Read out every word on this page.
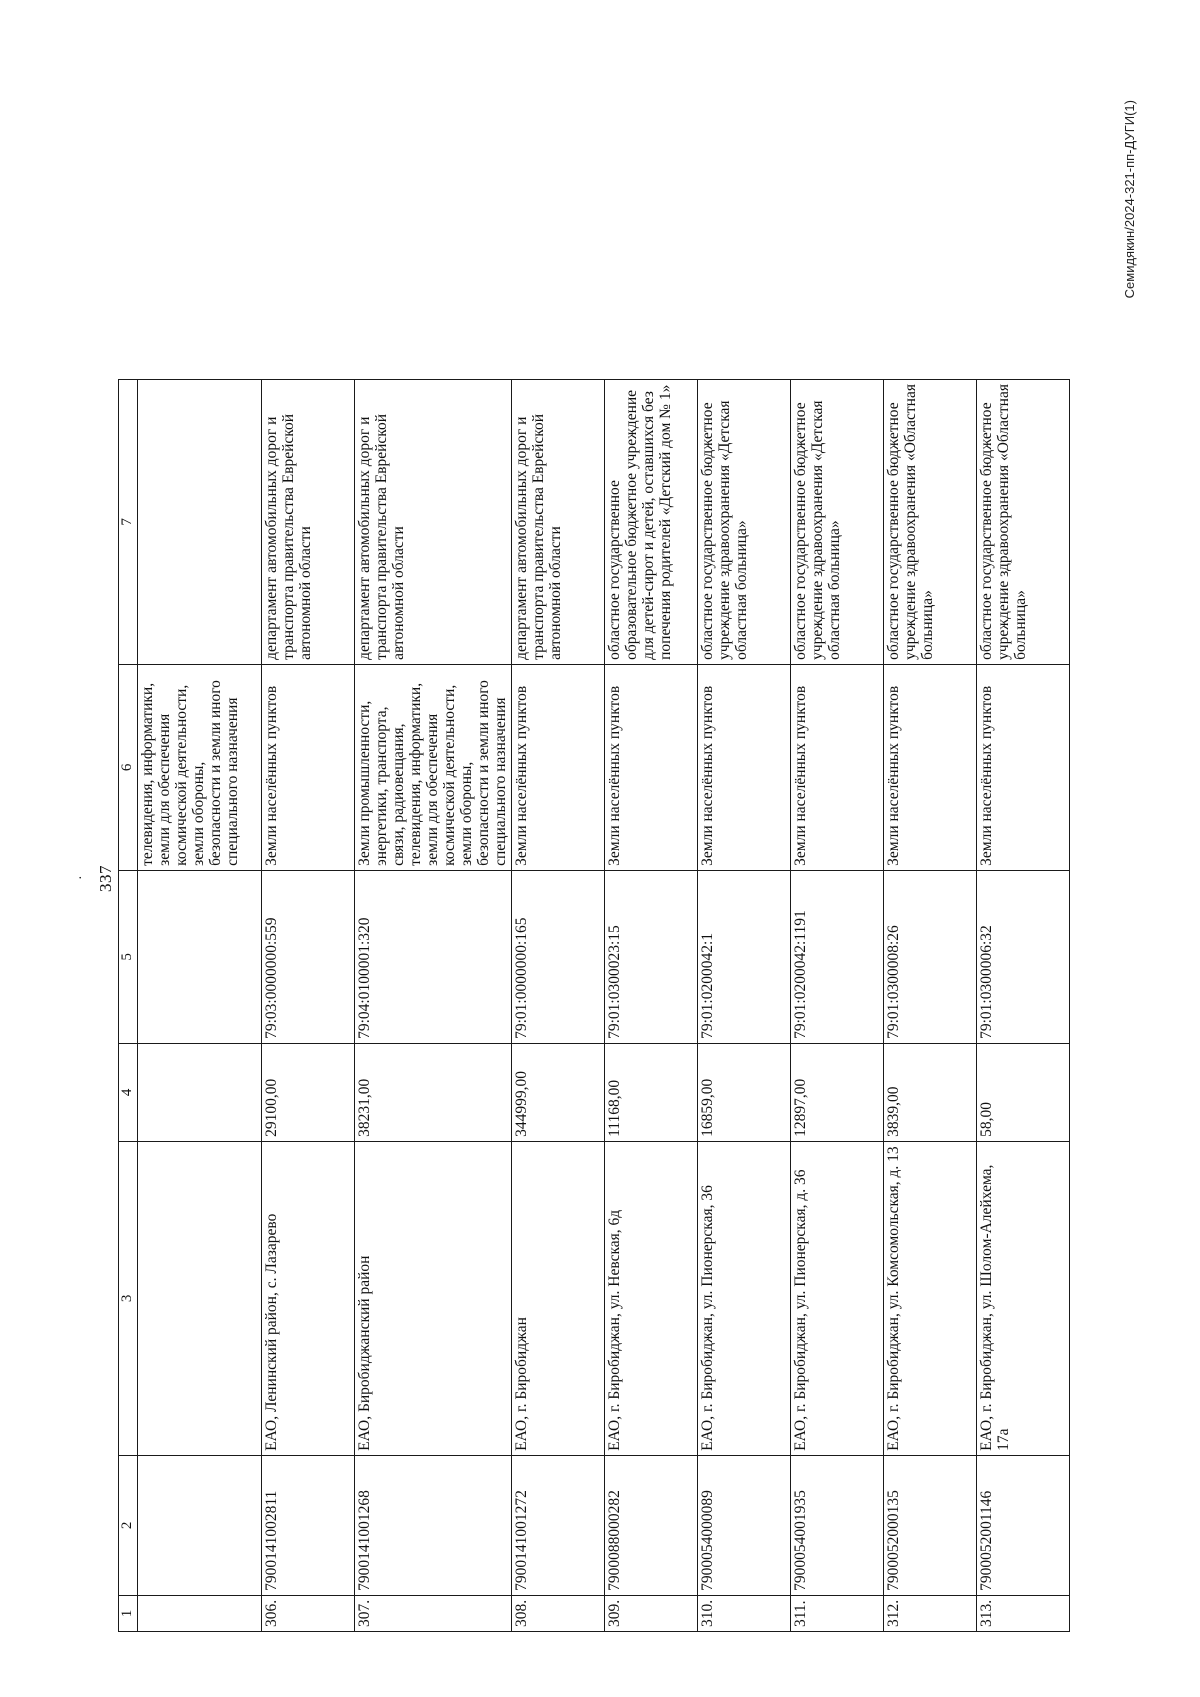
· 337
1	2	3	4	5	6	7
					телевидения, информатики, земли для обеспечения космической деятельности, земли обороны, безопасности и земли иного специального назначения	
306.	7900141002811	ЕАО, Ленинский район, с. Лазарево	29100,00	79:03:0000000:559	Земли населённых пунктов	департамент автомобильных дорог и транспорта правительства Еврейской автономной области
307.	7900141001268	ЕАО, Биробиджанский район	38231,00	79:04:0100001:320	Земли промышленности, энергетики, транспорта, связи, радиовещания, телевидения, информатики, земли для обеспечения космической деятельности, земли обороны, безопасности и земли иного специального назначения	департамент автомобильных дорог и транспорта правительства Еврейской автономной области
308.	7900141001272	ЕАО, г. Биробиджан	344999,00	79:01:0000000:165	Земли населённых пунктов	департамент автомобильных дорог и транспорта правительства Еврейской автономной области
309.	7900088000282	ЕАО, г. Биробиджан, ул. Невская, 6д	11168,00	79:01:0300023:15	Земли населённых пунктов	областное государственное образовательное бюджетное учреждение для детей-сирот и детей, оставшихся без попечения родителей «Детский дом № 1»
310.	7900054000089	ЕАО, г. Биробиджан, ул. Пионерская, 36	16859,00	79:01:0200042:1	Земли населённых пунктов	областное государственное бюджетное учреждение здравоохранения «Детская областная больница»
311.	7900054001935	ЕАО, г. Биробиджан, ул. Пионерская, д. 36	12897,00	79:01:0200042:1191	Земли населённых пунктов	областное государственное бюджетное учреждение здравоохранения «Детская областная больница»
312.	7900052000135	ЕАО, г. Биробиджан, ул. Комсомольская, д. 13	3839,00	79:01:0300008:26	Земли населённых пунктов	областное государственное бюджетное учреждение здравоохранения «Областная больница»
313.	7900052001146	ЕАО, г. Биробиджан, ул. Шолом-Алейхема, 17а	58,00	79:01:0300006:32	Земли населённых пунктов	областное государственное бюджетное учреждение здравоохранения «Областная больница»
Семидякин/2024-321-пп-ДУГИ(1)
